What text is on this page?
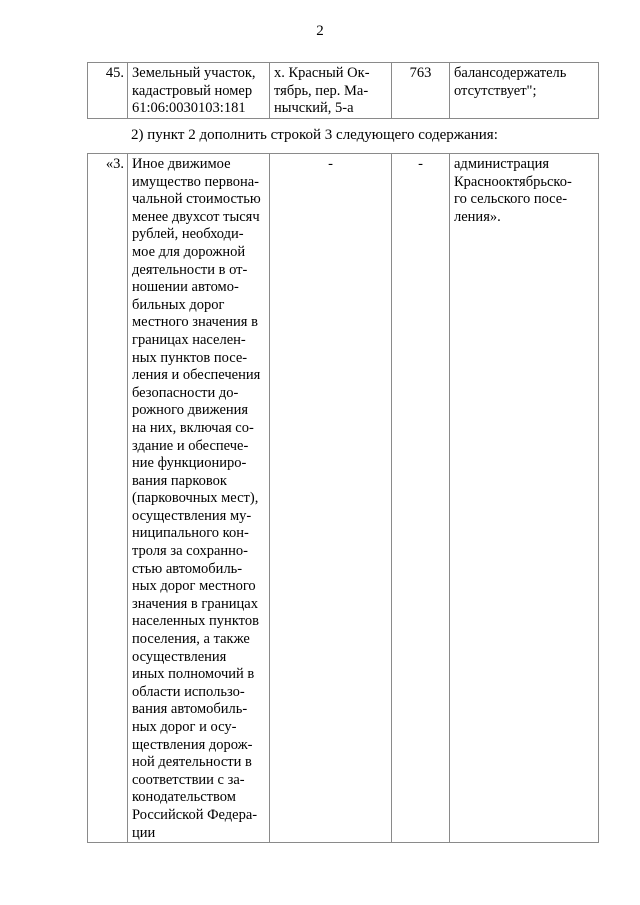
2
45.	Земельный участок,
кадастровый номер
61:06:0030103:181

х. Красный Ок-
тябрь, пер. Ма-
нычский, 5-а
	763	балансодержатель
отсутствует";
2) пункт 2 дополнить строкой 3 следующего содержания:
«3.	Иное движимое
имущество первона-
чальной стоимостью
менее двухсот тысяч
рублей, необходи-
мое для дорожной
деятельности в от-
ношении автомо-
бильных дорог
местного значения в
границах населен-
ных пунктов посе-
ления и обеспечения
безопасности до-
рожного движения
на них, включая со-
здание и обеспече-
ние функциониро-
вания парковок
(парковочных мест),
осуществления му-
ниципального кон-
троля за сохранно-
стью автомобиль-
ных дорог местного
значения в границах
населенных пунктов
поселения, а также
осуществления
иных полномочий в
области использо-
вания автомобиль-
ных дорог и осу-
ществления дорож-
ной деятельности в
соответствии с за-
конодательством
Российской Федера-
ции
	-	-	администрация
Краснооктябрьско-
го сельского посе-
ления».
